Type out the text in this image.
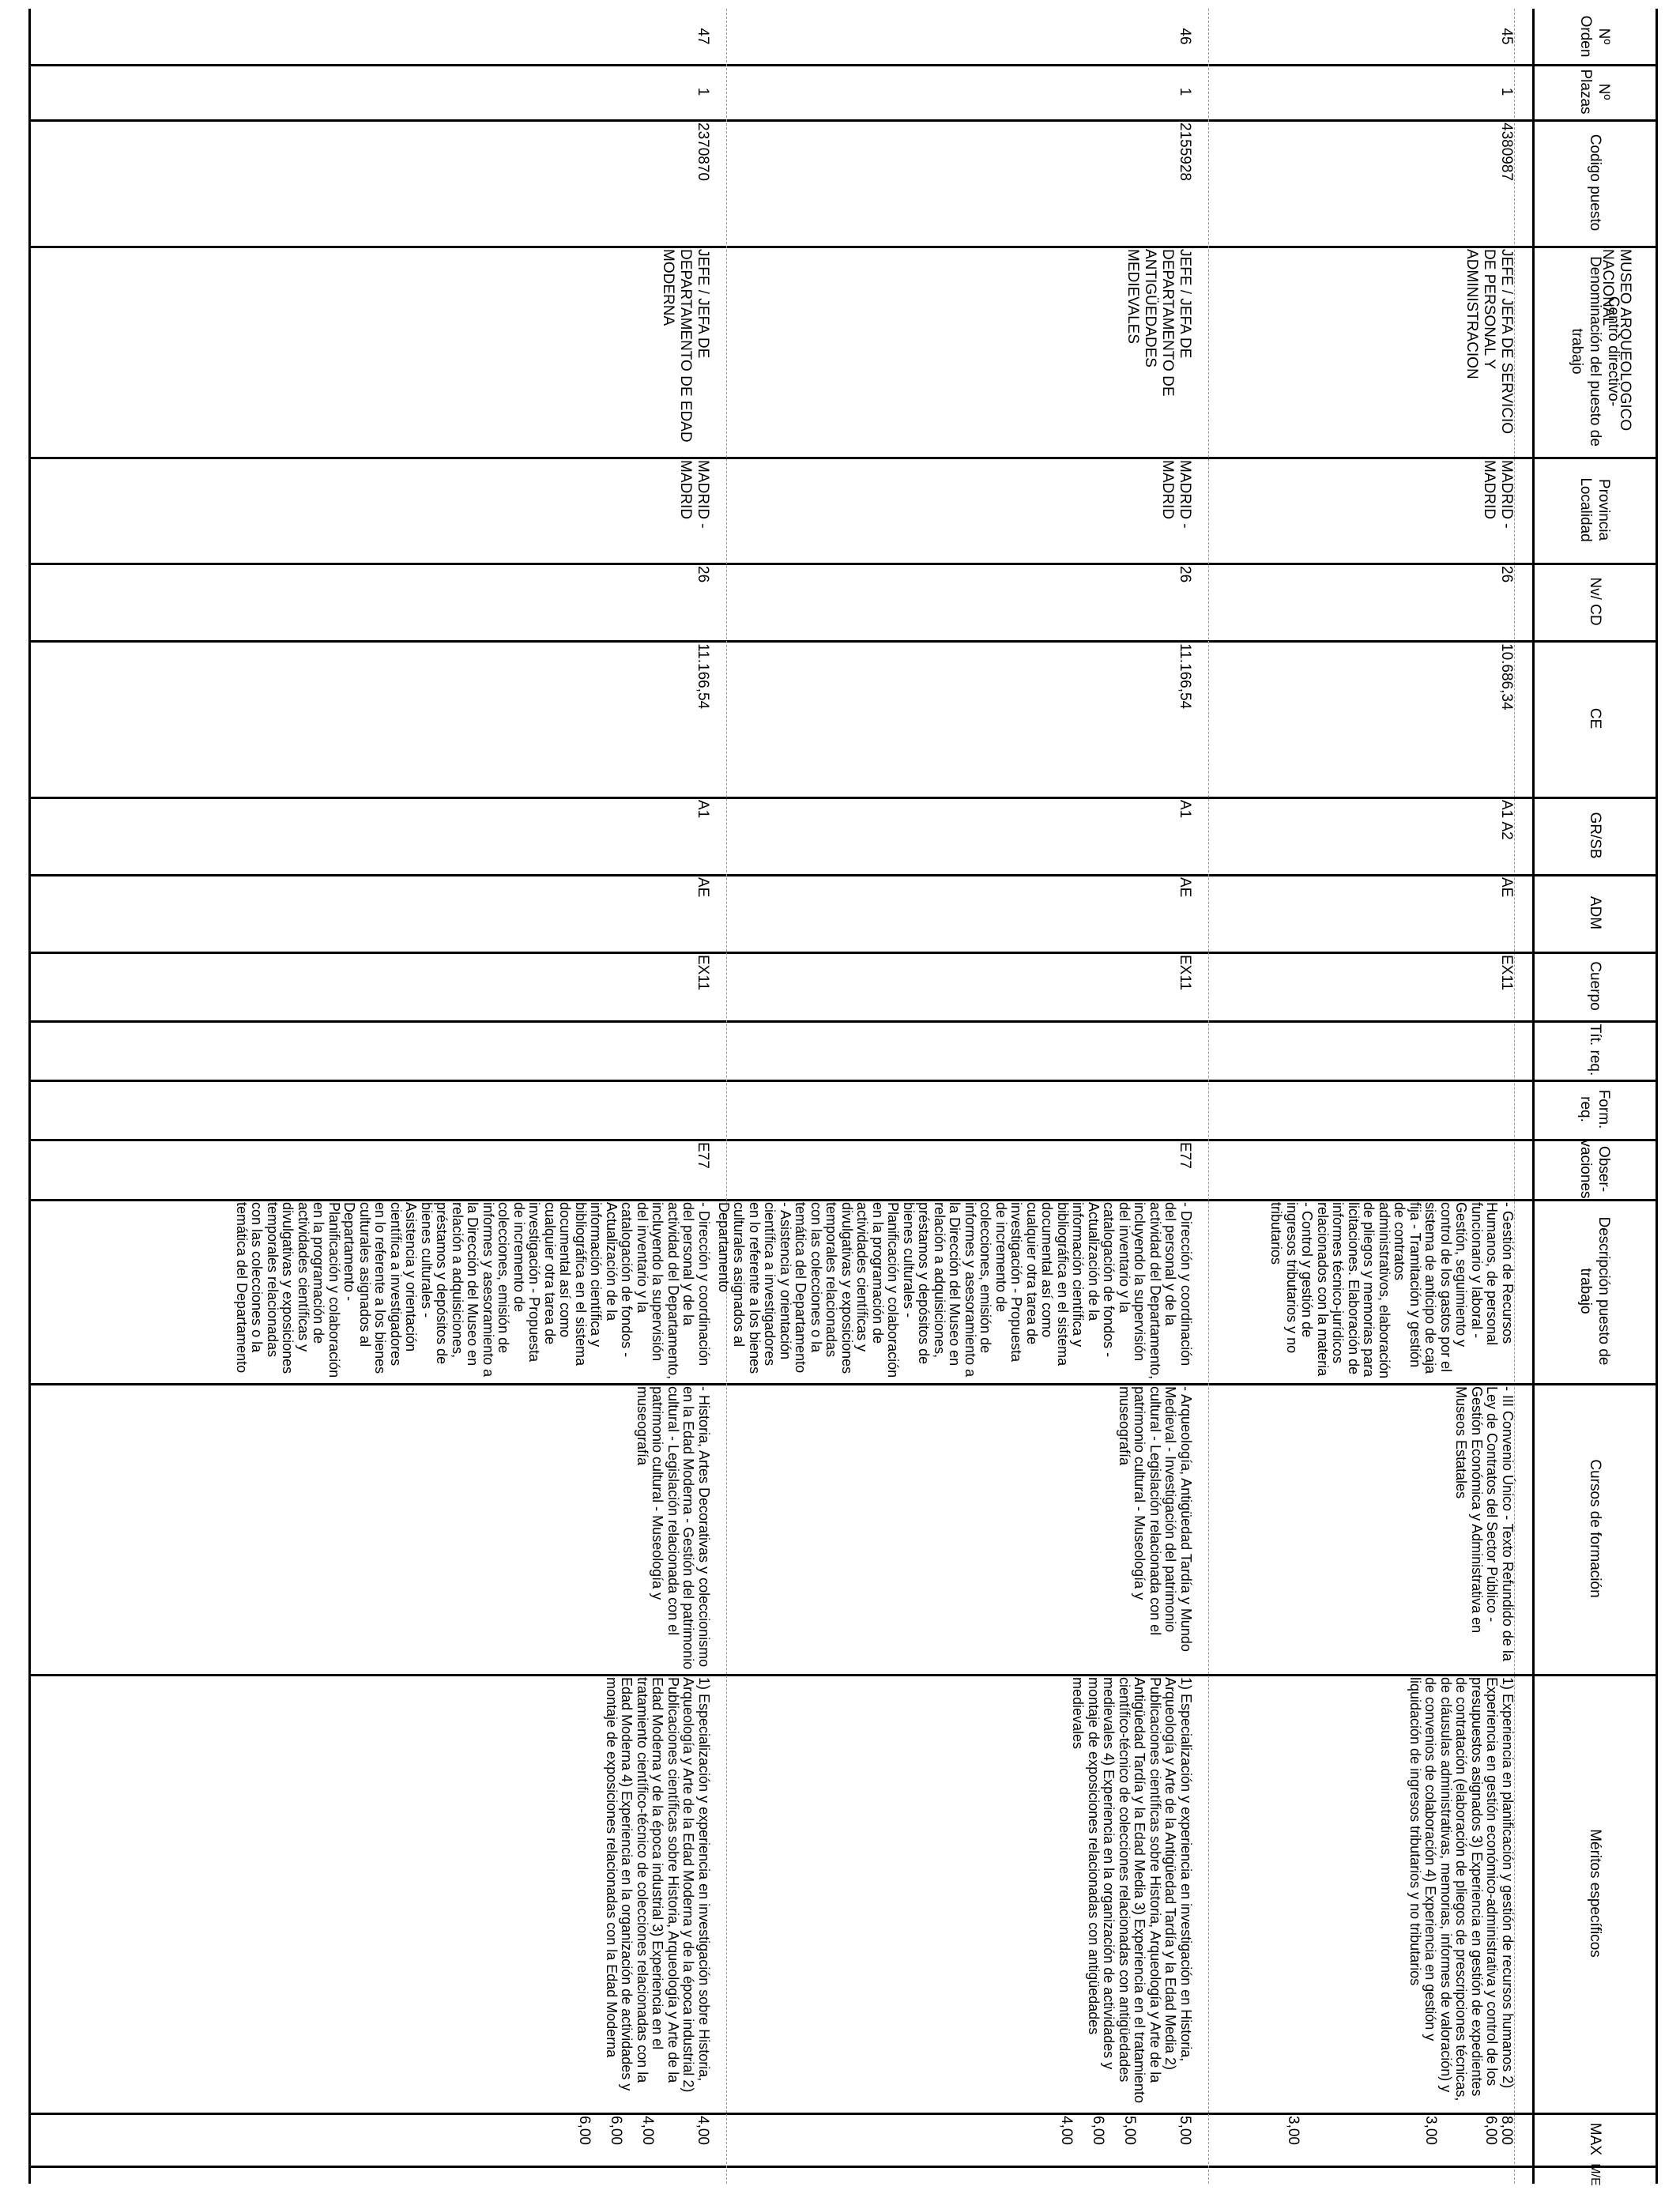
Nº Orden
Nº Plazas
Codigo puesto
Centro directivo-Denominación del puesto de trabajo
Provincia Localidad
Nv/ CD
CE
GR/SB
ADM
Cuerpo
Tít. req.
Form. req.
Obser-vaciones
Descripción puesto de trabajo
Cursos de formación
Méritos específicos
MAX
M/E
45
1
4380987
MUSEO ARQUEOLOGICO NACIONAL
JEFE / JEFA DE SERVICIO DE PERSONAL Y ADMINISTRACION
MADRID - MADRID
26
10.686,34
A1 A2
AE
EX11
- Gestión de Recursos Humanos, de personal funcionario y laboral - Gestión, seguimiento y control de los gastos por el sistema de anticipo de caja fija - Tramitación y gestión de contratos administrativos, elaboración de pliegos y memorias para licitaciones. Elaboración de informes técnico-jurídicos relacionados con la materia - Control y gestión de ingresos tributarios y no tributarios
- III Convenio Único - Texto Refundido de la Ley de Contratos del Sector Público - Gestión Económica y Administrativa en Museos Estatales
1) Experiencia en planificación y gestión de recursos humanos 2) Experiencia en gestión económico-administrativa y control de los presupuestos asignados 3) Experiencia en gestión de expedientes de contratación (elaboración de pliegos de prescripciones técnicas, de cláusulas administrativas, memorias, informes de valoración) y de convenios de colaboración 4) Experiencia en gestión y liquidación de ingresos tributarios y no tributarios
8,00
6,00
3,00
3,00
46
1
2155928
JEFE / JEFA DE DEPARTAMENTO DE ANTIGÜEDADES MEDIEVALES
MADRID - MADRID
26
11.166,54
A1
AE
EX11
E77
- Dirección y coordinación del personal y de la actividad del Departamento, incluyendo la supervisión del inventario y la catalogación de fondos - Actualización de la información científica y bibliográfica en el sistema documental así como cualquier otra tarea de investigación - Propuesta de incremento de colecciones, emisión de informes y asesoramiento a la Dirección del Museo en relación a adquisiciones, préstamos y depósitos de bienes culturales - Planificación y colaboración en la programación de actividades científicas y divulgativas y exposiciones temporales relacionadas con las colecciones o la temática del Departamento - Asistencia y orientación científica a investigadores en lo referente a los bienes culturales asignados al Departamento
- Arqueología, Antigüedad Tardía y Mundo Medieval - Investigación del patrimonio cultural - Legislación relacionada con el patrimonio cultural - Museología y museografía
1) Especialización y experiencia en investigación en Historia, Arqueología y Arte de la Antigüedad Tardía y la Edad Media 2) Publicaciones científicas sobre Historia, Arqueología y Arte de la Antigüedad Tardía y la Edad Media 3) Experiencia en el tratamiento científico-técnico de colecciones relacionadas con antigüedades medievales 4) Experiencia en la organización de actividades y montaje de exposiciones relacionadas con antigüedades medievales
5,00
5,00
6,00
4,00
47
1
2370870
JEFE / JEFA DE DEPARTAMENTO DE EDAD MODERNA
MADRID - MADRID
26
11.166,54
A1
AE
EX11
E77
- Dirección y coordinación del personal y de la actividad del Departamento, incluyendo la supervisión del inventario y la catalogación de fondos - Actualización de la información científica y bibliográfica en el sistema documental así como cualquier otra tarea de investigación - Propuesta de incremento de colecciones, emisión de informes y asesoramiento a la Dirección del Museo en relación a adquisiciones, préstamos y depósitos de bienes culturales - Asistencia y orientación científica a investigadores en lo referente a los bienes culturales asignados al Departamento - Planificación y colaboración en la programación de actividades científicas y divulgativas y exposiciones temporales relacionadas con las colecciones o la temática del Departamento
- Historia, Artes Decorativas y coleccionismo en la Edad Moderna - Gestión del patrimonio cultural - Legislación relacionada con el patrimonio cultural - Museología y museografía
1) Especialización y experiencia en investigación sobre Historia, Arqueología y Arte de la Edad Moderna y de la época industrial 2) Publicaciones científicas sobre Historia, Arqueología y Arte de la Edad Moderna y de la época industrial 3) Experiencia en el tratamiento científico-técnico de colecciones relacionadas con la Edad Moderna 4) Experiencia en la organización de actividades y montaje de exposiciones relacionadas con la Edad Moderna
4,00
4,00
6,00
6,00
